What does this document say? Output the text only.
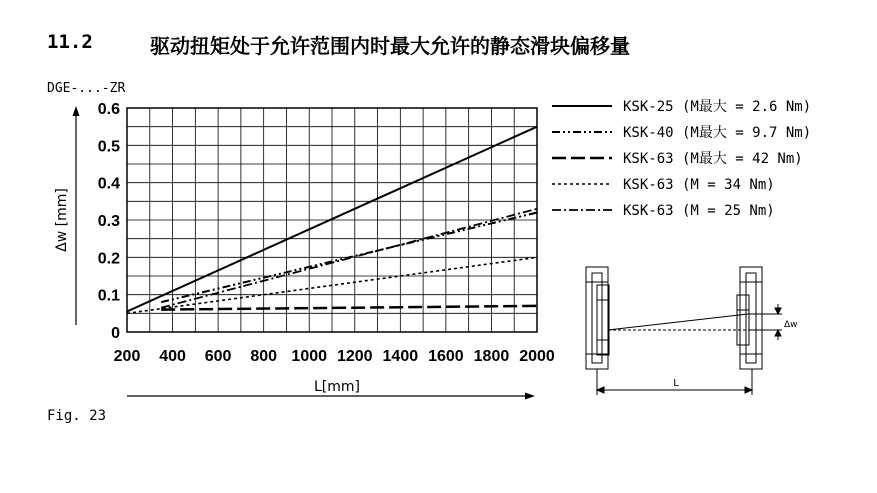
11.2	驱动扭矩处于允许范围内时最大允许的静态滑块偏移量
200 400 600 800 1000 1200 1400 1600 1800 2000
0
0.1
0.2
0.3
0.4
0.5
0.6
DGE-...-ZR
Δw [mm]
L[mm]
KSK-25 (M最大 = 2.6 Nm)
KSK-40 (M最大 = 9.7 Nm)
KSK-63 (M最大 = 42 Nm)
KSK-63 (M = 34 Nm)
KSK-63 (M = 25 Nm)
Δw
L
Fig. 23
